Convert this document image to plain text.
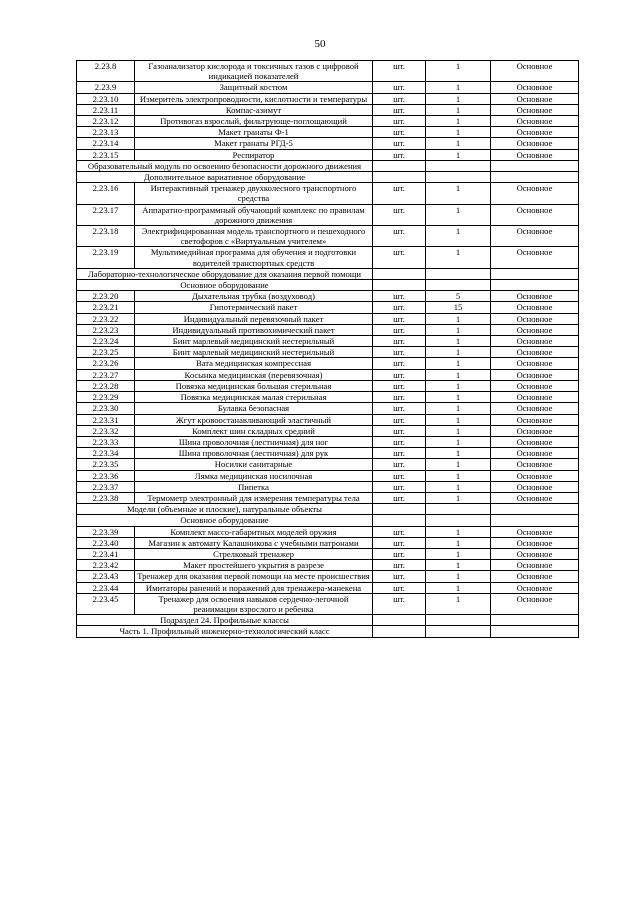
50
2.23.8	Газоанализатор кислорода и токсичных газов с цифровой индикацией показателей	шт.	1	Основное
2.23.9	Защитный костюм	шт.	1	Основное
2.23.10	Измеритель электропроводности, кислотности и температуры	шт.	1	Основное
2.23.11	Компас-азимут	шт.	1	Основное
2.23.12	Противогаз взрослый, фильтрующе-поглощающий	шт.	1	Основное
2.23.13	Макет гранаты Ф-1	шт.	1	Основное
2.23.14	Макет гранаты РГД-5	шт.	1	Основное
2.23.15	Респиратор	шт.	1	Основное
Образовательный модуль по освоению безопасности дорожного движения				
Дополнительное вариативное оборудование				
2.23.16	Интерактивный тренажер двухколесного транспортного средства	шт.	1	Основное
2.23.17	Аппаратно-программный обучающий комплекс по правилам дорожного движения	шт.	1	Основное
2.23.18	Электрифицированная модель транспортного и пешеходного светофоров с «Виртуальным учителем»	шт.	1	Основное
2.23.19	Мультимедийная программа для обучения и подготовки водителей транспортных средств	шт.	1	Основное
Лабораторно-технологическое оборудование для оказания первой помощи				
Основное оборудование				
2.23.20	Дыхательная трубка (воздуховод)	шт.	5	Основное
2.23.21	Гипотермический пакет	шт.	15	Основное
2.23.22	Индивидуальный перевязочный пакет	шт.	1	Основное
2.23.23	Индивидуальный противохимический пакет	шт.	1	Основное
2.23.24	Бинт марлевый медицинский нестерильный	шт.	1	Основное
2.23.25	Бинт марлевый медицинский нестерильный	шт.	1	Основное
2.23.26	Вата медицинская компрессная	шт.	1	Основное
2.23.27	Косынка медицинская (перевязочная)	шт.	1	Основное
2.23.28	Повязка медицинская большая стерильная	шт.	1	Основное
2.23.29	Повязка медицинская малая стерильная	шт.	1	Основное
2.23.30	Булавка безопасная	шт.	1	Основное
2.23.31	Жгут кровоостанавливающий эластичный	шт.	1	Основное
2.23.32	Комплект шин складных средний	шт.	1	Основное
2.23.33	Шина проволочная (лестничная) для ног	шт.	1	Основное
2.23.34	Шина проволочная (лестничная) для рук	шт.	1	Основное
2.23.35	Носилки санитарные	шт.	1	Основное
2.23.36	Лямка медицинская носилочная	шт.	1	Основное
2.23.37	Пипетка	шт.	1	Основное
2.23.38	Термометр электронный для измерения температуры тела	шт.	1	Основное
Модели (объемные и плоские), натуральные объекты				
Основное оборудование				
2.23.39	Комплект массо-габаритных моделей оружия	шт.	1	Основное
2.23.40	Магазин к автомату Калашникова с учебными патронами	шт.	1	Основное
2.23.41	Стрелковый тренажер	шт.	1	Основное
2.23.42	Макет простейшего укрытия в разрезе	шт.	1	Основное
2.23.43	Тренажер для оказания первой помощи на месте происшествия	шт.	1	Основное
2.23.44	Имитаторы ранений и поражений для тренажера-манекена	шт.	1	Основное
2.23.45	Тренажер для освоения навыков сердечно-легочной реанимации взрослого и ребенка	шт.	1	Основное
Подраздел 24. Профильные классы				
Часть 1. Профильный инженерно-технологический класс				
